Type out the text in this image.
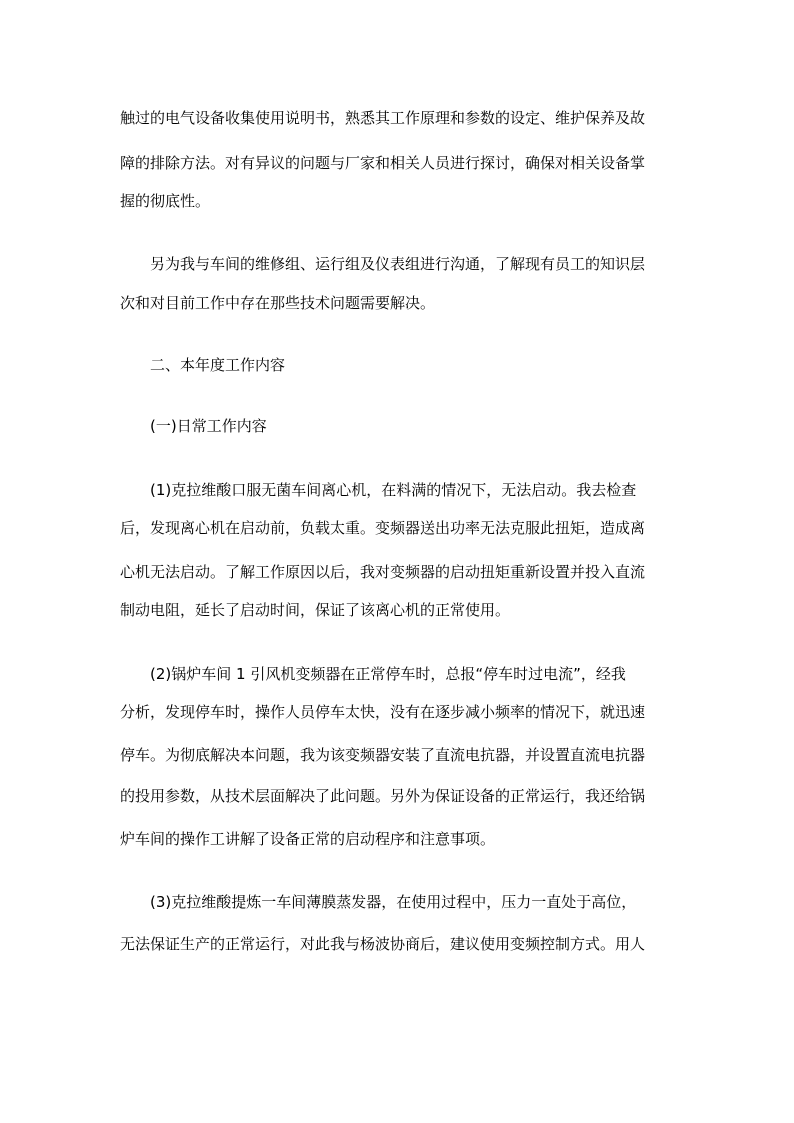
触过的电气设备收集使用说明书，熟悉其工作原理和参数的设定、维护保养及故
障的排除方法。对有异议的问题与厂家和相关人员进行探讨，确保对相关设备掌
握的彻底性。
另为我与车间的维修组、运行组及仪表组进行沟通，了解现有员工的知识层
次和对目前工作中存在那些技术问题需要解决。
二、本年度工作内容
(一)日常工作内容
(1)克拉维酸口服无菌车间离心机，在料满的情况下，无法启动。我去检查
后，发现离心机在启动前，负载太重。变频器送出功率无法克服此扭矩，造成离
心机无法启动。了解工作原因以后，我对变频器的启动扭矩重新设置并投入直流
制动电阻，延长了启动时间，保证了该离心机的正常使用。
(2)锅炉车间 1 引风机变频器在正常停车时，总报“停车时过电流”，经我
分析，发现停车时，操作人员停车太快，没有在逐步减小频率的情况下，就迅速
停车。为彻底解决本问题，我为该变频器安装了直流电抗器，并设置直流电抗器
的投用参数，从技术层面解决了此问题。另外为保证设备的正常运行，我还给锅
炉车间的操作工讲解了设备正常的启动程序和注意事项。
(3)克拉维酸提炼一车间薄膜蒸发器，在使用过程中，压力一直处于高位，
无法保证生产的正常运行，对此我与杨波协商后，建议使用变频控制方式。用人
